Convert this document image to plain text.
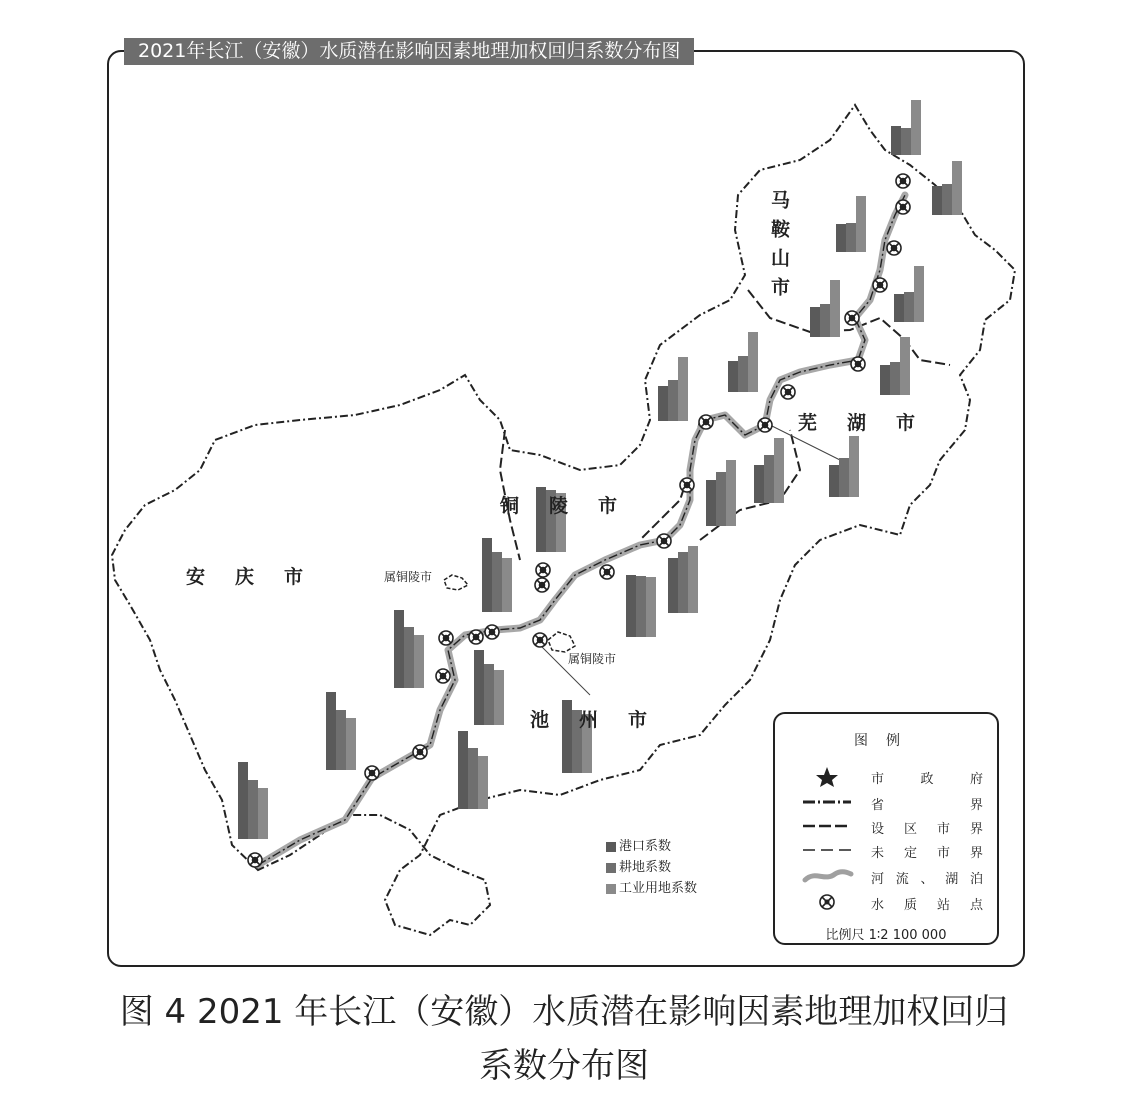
2021年长江（安徽）水质潜在影响因素地理加权回归系数分布图
安庆市
铜陵市
池州市
芜湖市
马鞍山市
属铜陵市
属铜陵市
港口系数
耕地系数
工业用地系数
图例
市	政	府
省	界
设 区 市 界
未 定 市 界
河 流 、 湖 泊
水 质 站 点
比例尺 1∶2 100 000
图 4 2021 年长江（安徽）水质潜在影响因素地理加权回归
系数分布图
